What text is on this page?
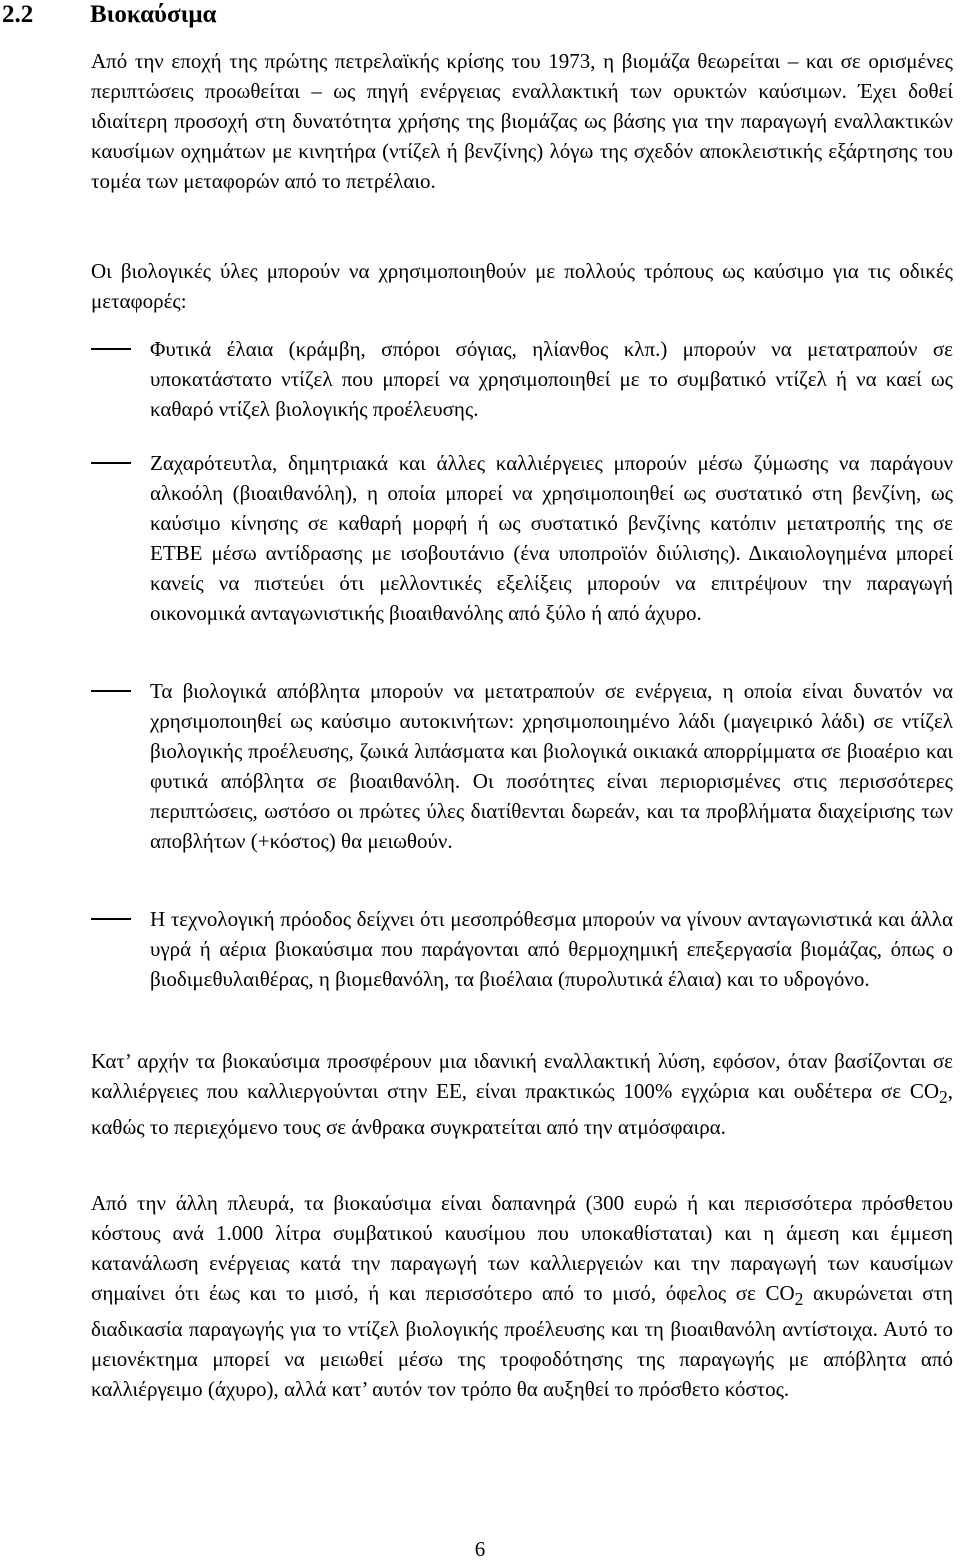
2.2 Βιοκαύσιμα

Από την εποχή της πρώτης πετρελαϊκής κρίσης του 1973, η βιομάζα θεωρείται – και σε ορισμένες περιπτώσεις προωθείται – ως πηγή ενέργειας εναλλακτική των ορυκτών καύσιμων. Έχει δοθεί ιδιαίτερη προσοχή στη δυνατότητα χρήσης της βιομάζας ως βάσης για την παραγωγή εναλλακτικών καυσίμων οχημάτων με κινητήρα (ντίζελ ή βενζίνης) λόγω της σχεδόν αποκλειστικής εξάρτησης του τομέα των μεταφορών από το πετρέλαιο.

Οι βιολογικές ύλες μπορούν να χρησιμοποιηθούν με πολλούς τρόπους ως καύσιμο για τις οδικές μεταφορές:

Φυτικά έλαια (κράμβη, σπόροι σόγιας, ηλίανθος κλπ.) μπορούν να μετατραπούν σε υποκατάστατο ντίζελ που μπορεί να χρησιμοποιηθεί με το συμβατικό ντίζελ ή να καεί ως καθαρό ντίζελ βιολογικής προέλευσης.
Ζαχαρότευτλα, δημητριακά και άλλες καλλιέργειες μπορούν μέσω ζύμωσης να παράγουν αλκοόλη (βιοαιθανόλη), η οποία μπορεί να χρησιμοποιηθεί ως συστατικό στη βενζίνη, ως καύσιμο κίνησης σε καθαρή μορφή ή ως συστατικό βενζίνης κατόπιν μετατροπής της σε ΕΤΒΕ μέσω αντίδρασης με ισοβουτάνιο (ένα υποπροϊόν διύλισης). Δικαιολογημένα μπορεί κανείς να πιστεύει ότι μελλοντικές εξελίξεις μπορούν να επιτρέψουν την παραγωγή οικονομικά ανταγωνιστικής βιοαιθανόλης από ξύλο ή από άχυρο.
Τα βιολογικά απόβλητα μπορούν να μετατραπούν σε ενέργεια, η οποία είναι δυνατόν να χρησιμοποιηθεί ως καύσιμο αυτοκινήτων: χρησιμοποιημένο λάδι (μαγειρικό λάδι) σε ντίζελ βιολογικής προέλευσης, ζωικά λιπάσματα και βιολογικά οικιακά απορρίμματα σε βιοαέριο και φυτικά απόβλητα σε βιοαιθανόλη. Οι ποσότητες είναι περιορισμένες στις περισσότερες περιπτώσεις, ωστόσο οι πρώτες ύλες διατίθενται δωρεάν, και τα προβλήματα διαχείρισης των αποβλήτων (+κόστος) θα μειωθούν.
Η τεχνολογική πρόοδος δείχνει ότι μεσοπρόθεσμα μπορούν να γίνουν ανταγωνιστικά και άλλα υγρά ή αέρια βιοκαύσιμα που παράγονται από θερμοχημική επεξεργασία βιομάζας, όπως ο βιοδιμεθυλαιθέρας, η βιομεθανόλη, τα βιοέλαια (πυρολυτικά έλαια) και το υδρογόνο.

Κατ’ αρχήν τα βιοκαύσιμα προσφέρουν μια ιδανική εναλλακτική λύση, εφόσον, όταν βασίζονται σε καλλιέργειες που καλλιεργούνται στην ΕΕ, είναι πρακτικώς 100% εγχώρια και ουδέτερα σε $CO_2$, καθώς το περιεχόμενο τους σε άνθρακα συγκρατείται από την ατμόσφαιρα.

Από την άλλη πλευρά, τα βιοκαύσιμα είναι δαπανηρά (300 ευρώ ή και περισσότερα πρόσθετου κόστους ανά 1.000 λίτρα συμβατικού καυσίμου που υποκαθίσταται) και η άμεση και έμμεση κατανάλωση ενέργειας κατά την παραγωγή των καλλιεργειών και την παραγωγή των καυσίμων σημαίνει ότι έως και το μισό, ή και περισσότερο από το μισό, όφελος σε $CO_2$ ακυρώνεται στη διαδικασία παραγωγής για το ντίζελ βιολογικής προέλευσης και τη βιοαιθανόλη αντίστοιχα. Αυτό το μειονέκτημα μπορεί να μειωθεί μέσω της τροφοδότησης της παραγωγής με απόβλητα από καλλιέργειμο (άχυρο), αλλά κατ’ αυτόν τον τρόπο θα αυξηθεί το πρόσθετο κόστος.

6
